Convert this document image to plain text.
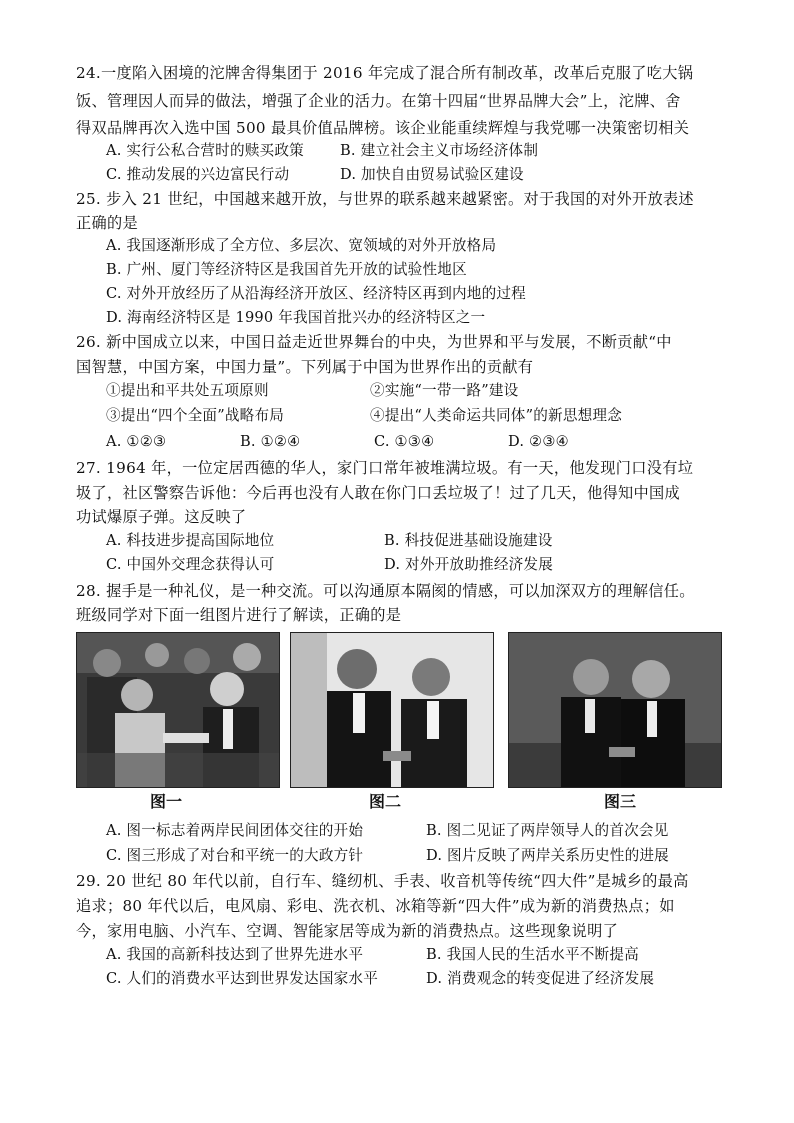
24.一度陷入困境的沱牌舍得集团于 2016 年完成了混合所有制改革，改革后克服了吃大锅
饭、管理因人而异的做法，增强了企业的活力。在第十四届“世界品牌大会”上，沱牌、舍
得双品牌再次入选中国 500 最具价值品牌榜。该企业能重续辉煌与我党哪一决策密切相关
A. 实行公私合营时的赎买政策 B. 建立社会主义市场经济体制
C. 推动发展的兴边富民行动	D. 加快自由贸易试验区建设
25. 步入 21 世纪，中国越来越开放，与世界的联系越来越紧密。对于我国的对外开放表述
正确的是
A. 我国逐渐形成了全方位、多层次、宽领域的对外开放格局
B. 广州、厦门等经济特区是我国首先开放的试验性地区
C. 对外开放经历了从沿海经济开放区、经济特区再到内地的过程
D. 海南经济特区是 1990 年我国首批兴办的经济特区之一
26. 新中国成立以来，中国日益走近世界舞台的中央，为世界和平与发展，不断贡献“中
国智慧，中国方案，中国力量”。下列属于中国为世界作出的贡献有
①提出和平共处五项原则	②实施“一带一路”建设
③提出“四个全面”战略布局	④提出“人类命运共同体”的新思想理念
A. ①②③	B. ①②④	C. ①③④	D. ②③④
27. 1964 年，一位定居西德的华人，家门口常年被堆满垃圾。有一天，他发现门口没有垃
圾了，社区警察告诉他：今后再也没有人敢在你门口丢垃圾了！过了几天，他得知中国成
功试爆原子弹。这反映了
A. 科技进步提高国际地位	B. 科技促进基础设施建设
C. 中国外交理念获得认可	D. 对外开放助推经济发展
28. 握手是一种礼仪，是一种交流。可以沟通原本隔阂的情感，可以加深双方的理解信任。
班级同学对下面一组图片进行了解读，正确的是
图一	图二	图三
A. 图一标志着两岸民间团体交往的开始	B. 图二见证了两岸领导人的首次会见
C. 图三形成了对台和平统一的大政方针	D. 图片反映了两岸关系历史性的进展
29. 20 世纪 80 年代以前，自行车、缝纫机、手表、收音机等传统“四大件”是城乡的最高
追求；80 年代以后，电风扇、彩电、洗衣机、冰箱等新“四大件”成为新的消费热点；如
今，家用电脑、小汽车、空调、智能家居等成为新的消费热点。这些现象说明了
A. 我国的高新科技达到了世界先进水平	B. 我国人民的生活水平不断提高
C. 人们的消费水平达到世界发达国家水平	D. 消费观念的转变促进了经济发展
